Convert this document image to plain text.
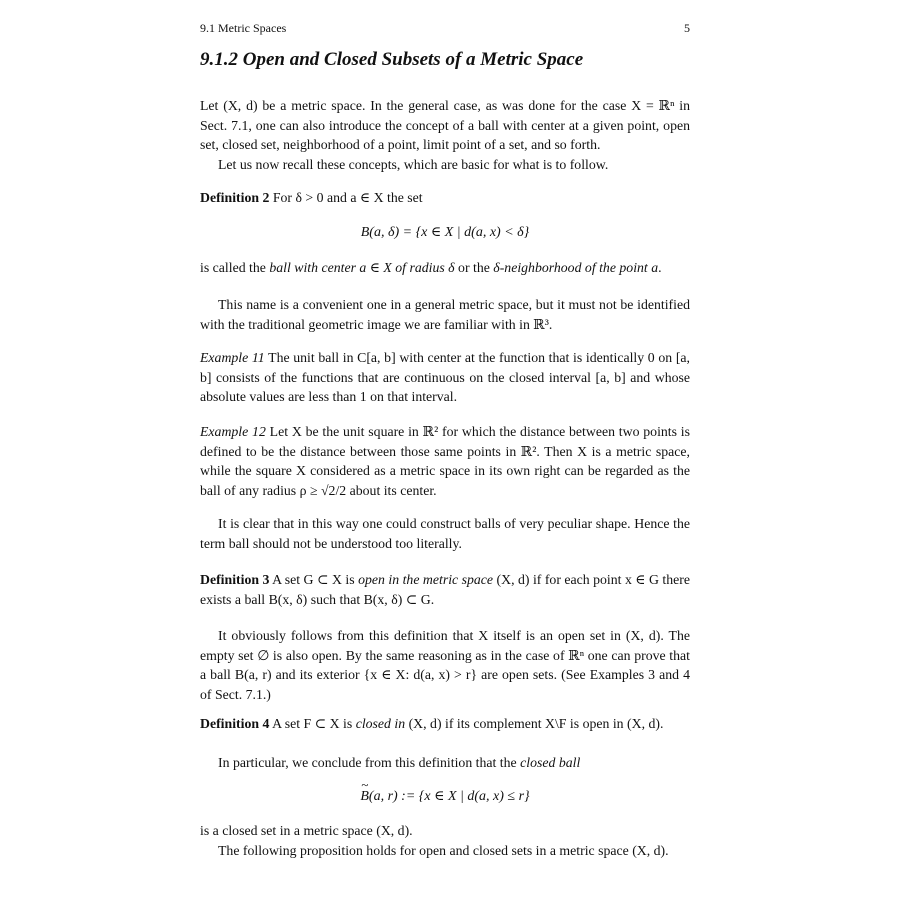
9.1 Metric Spaces	5
9.1.2 Open and Closed Subsets of a Metric Space
Let (X, d) be a metric space. In the general case, as was done for the case X = ℝⁿ in Sect. 7.1, one can also introduce the concept of a ball with center at a given point, open set, closed set, neighborhood of a point, limit point of a set, and so forth.
Let us now recall these concepts, which are basic for what is to follow.
Definition 2 For δ > 0 and a ∈ X the set
B(a, δ) = {x ∈ X | d(a, x) < δ}
is called the ball with center a ∈ X of radius δ or the δ-neighborhood of the point a.
This name is a convenient one in a general metric space, but it must not be identified with the traditional geometric image we are familiar with in ℝ³.
Example 11 The unit ball in C[a, b] with center at the function that is identically 0 on [a, b] consists of the functions that are continuous on the closed interval [a, b] and whose absolute values are less than 1 on that interval.
Example 12 Let X be the unit square in ℝ² for which the distance between two points is defined to be the distance between those same points in ℝ². Then X is a metric space, while the square X considered as a metric space in its own right can be regarded as the ball of any radius ρ ≥ √2/2 about its center.
It is clear that in this way one could construct balls of very peculiar shape. Hence the term ball should not be understood too literally.
Definition 3 A set G ⊂ X is open in the metric space (X, d) if for each point x ∈ G there exists a ball B(x, δ) such that B(x, δ) ⊂ G.
It obviously follows from this definition that X itself is an open set in (X, d). The empty set ∅ is also open. By the same reasoning as in the case of ℝⁿ one can prove that a ball B(a, r) and its exterior {x ∈ X: d(a, x) > r} are open sets. (See Examples 3 and 4 of Sect. 7.1.)
Definition 4 A set F ⊂ X is closed in (X, d) if its complement X\F is open in (X, d).
In particular, we conclude from this definition that the closed ball
~ B(a, r) := {x ∈ X | d(a, x) ≤ r}
is a closed set in a metric space (X, d).
The following proposition holds for open and closed sets in a metric space (X, d).
